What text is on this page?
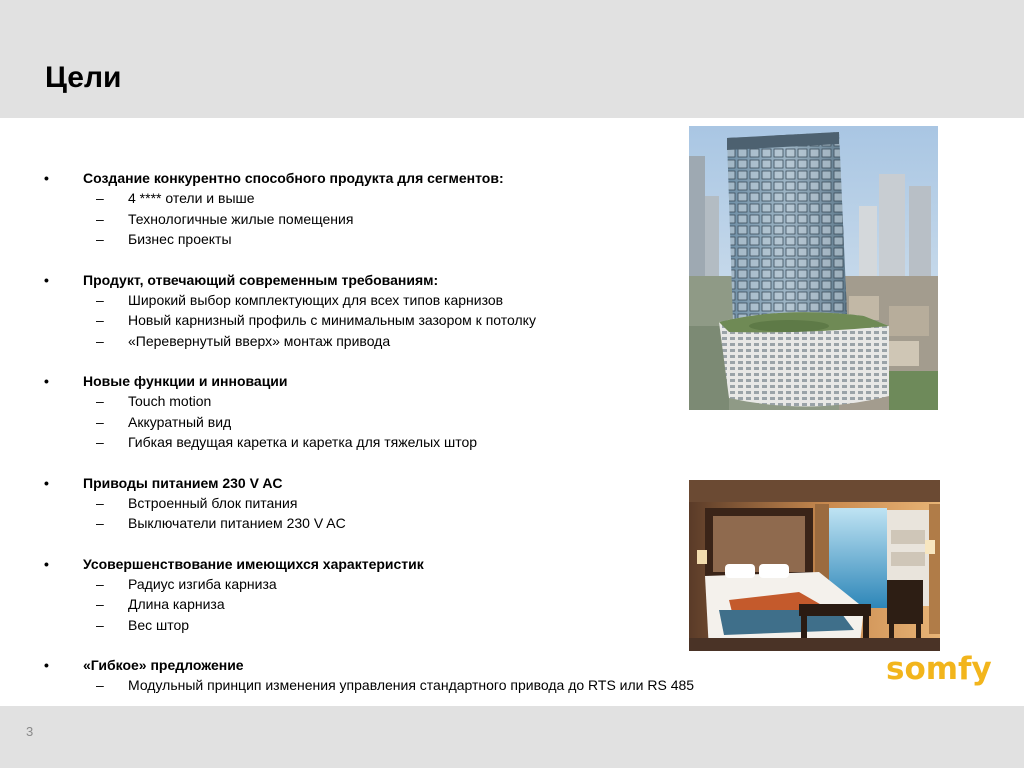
Цели
• Создание конкурентно способного продукта для сегментов:
– 4 **** отели и выше
– Технологичные жилые помещения
– Бизнес проекты
• Продукт, отвечающий современным требованиям:
– Широкий выбор комплектующих для всех типов карнизов
– Новый карнизный профиль с минимальным зазором к потолку
– «Перевернутый вверх» монтаж привода
• Новые функции и инновации
– Touch motion
– Аккуратный вид
– Гибкая ведущая каретка и каретка для тяжелых штор
• Приводы питанием 230 V AC
– Встроенный блок питания
– Выключатели питанием 230 V AC
• Усовершенствование имеющихся характеристик
– Радиус изгиба карниза
– Длина карниза
– Вес штор
• «Гибкое» предложение
– Модульный принцип изменения управления стандартного привода до RTS или RS 485	somfy
3
